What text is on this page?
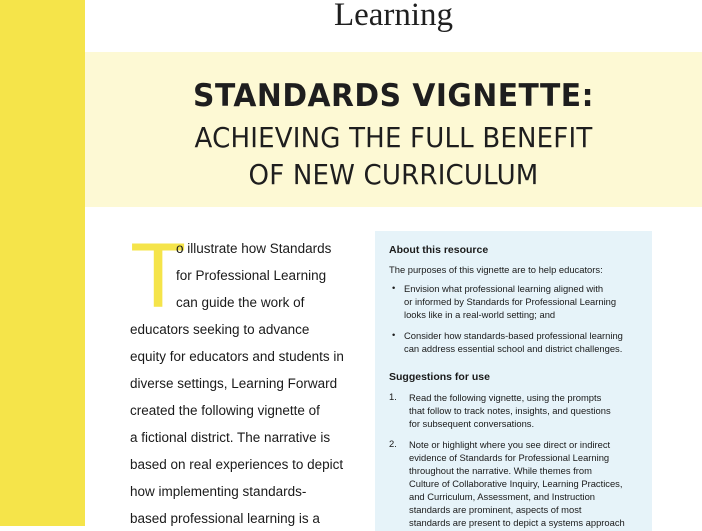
Learning
STANDARDS VIGNETTE:
ACHIEVING THE FULL BENEFIT
OF NEW CURRICULUM
T
o illustrate how Standards
for Professional Learning
can guide the work of
educators seeking to advance
equity for educators and students in
diverse settings, Learning Forward
created the following vignette of
a fictional district. The narrative is
based on real experiences to depict
how implementing standards-
based professional learning is a
About this resource
The purposes of this vignette are to help educators:
• Envision what professional learning aligned with
or informed by Standards for Professional Learning
looks like in a real-world setting; and
• Consider how standards-based professional learning
can address essential school and district challenges.
Suggestions for use
1. Read the following vignette, using the prompts
that follow to track notes, insights, and questions
for subsequent conversations.
2. Note or highlight where you see direct or indirect
evidence of Standards for Professional Learning
throughout the narrative. While themes from
Culture of Collaborative Inquiry, Learning Practices,
and Curriculum, Assessment, and Instruction
standards are prominent, aspects of most
standards are present to depict a systems approach
